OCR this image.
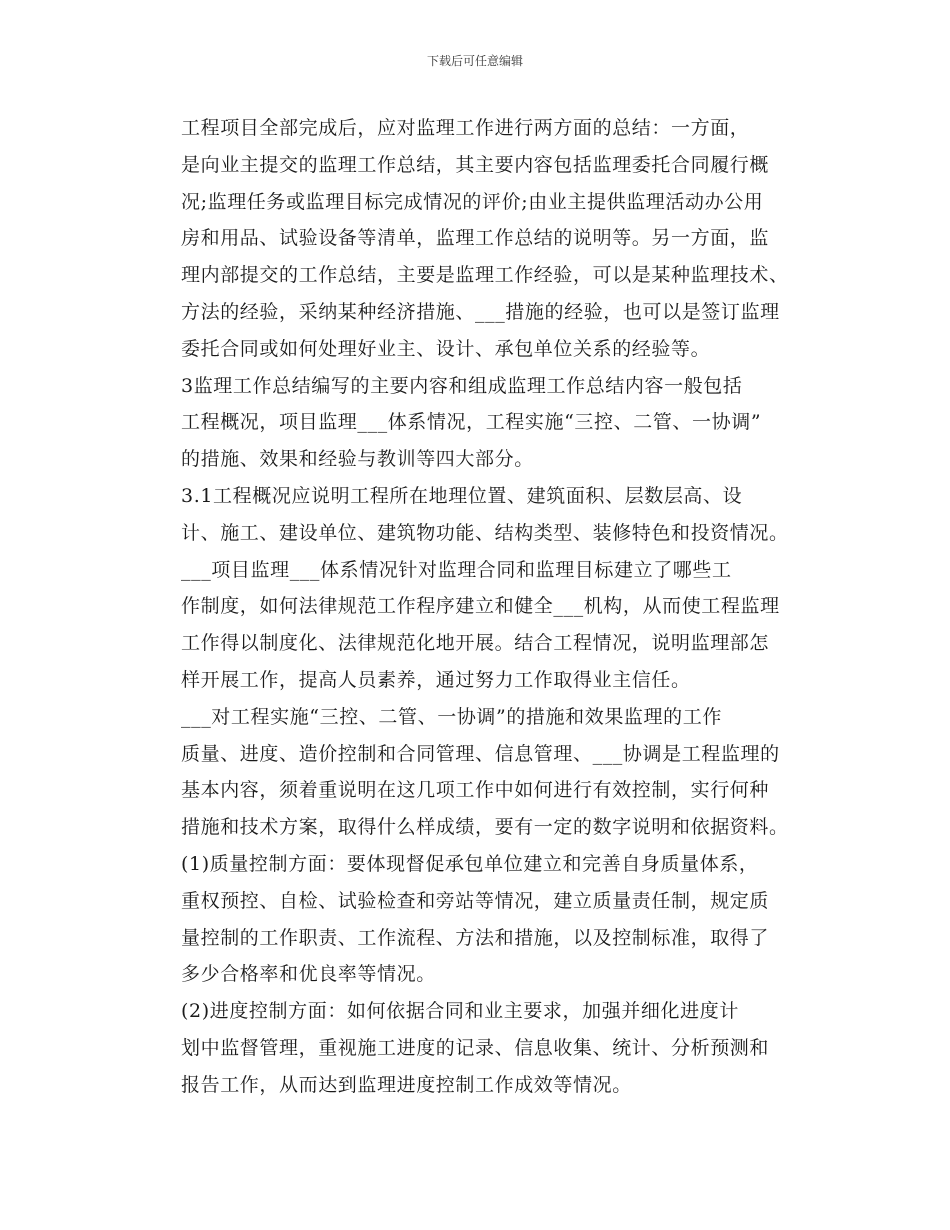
下载后可任意编辑

工程项目全部完成后，应对监理工作进行两方面的总结：一方面，
是向业主提交的监理工作总结，其主要内容包括监理委托合同履行概
况;监理任务或监理目标完成情况的评价;由业主提供监理活动办公用
房和用品、试验设备等清单，监理工作总结的说明等。另一方面，监
理内部提交的工作总结，主要是监理工作经验，可以是某种监理技术、
方法的经验，采纳某种经济措施、___措施的经验，也可以是签订监理
委托合同或如何处理好业主、设计、承包单位关系的经验等。

3监理工作总结编写的主要内容和组成监理工作总结内容一般包括
工程概况，项目监理___体系情况，工程实施“三控、二管、一协调”
的措施、效果和经验与教训等四大部分。

3.1工程概况应说明工程所在地理位置、建筑面积、层数层高、设
计、施工、建设单位、建筑物功能、结构类型、装修特色和投资情况。

___项目监理___体系情况针对监理合同和监理目标建立了哪些工
作制度，如何法律规范工作程序建立和健全___机构，从而使工程监理
工作得以制度化、法律规范化地开展。结合工程情况，说明监理部怎
样开展工作，提高人员素养，通过努力工作取得业主信任。

___对工程实施“三控、二管、一协调”的措施和效果监理的工作
质量、进度、造价控制和合同管理、信息管理、___协调是工程监理的
基本内容，须着重说明在这几项工作中如何进行有效控制，实行何种
措施和技术方案，取得什么样成绩，要有一定的数字说明和依据资料。

(1)质量控制方面：要体现督促承包单位建立和完善自身质量体系，
重权预控、自检、试验检查和旁站等情况，建立质量责任制，规定质
量控制的工作职责、工作流程、方法和措施，以及控制标准，取得了
多少合格率和优良率等情况。

(2)进度控制方面：如何依据合同和业主要求，加强并细化进度计
划中监督管理，重视施工进度的记录、信息收集、统计、分析预测和
报告工作，从而达到监理进度控制工作成效等情况。
